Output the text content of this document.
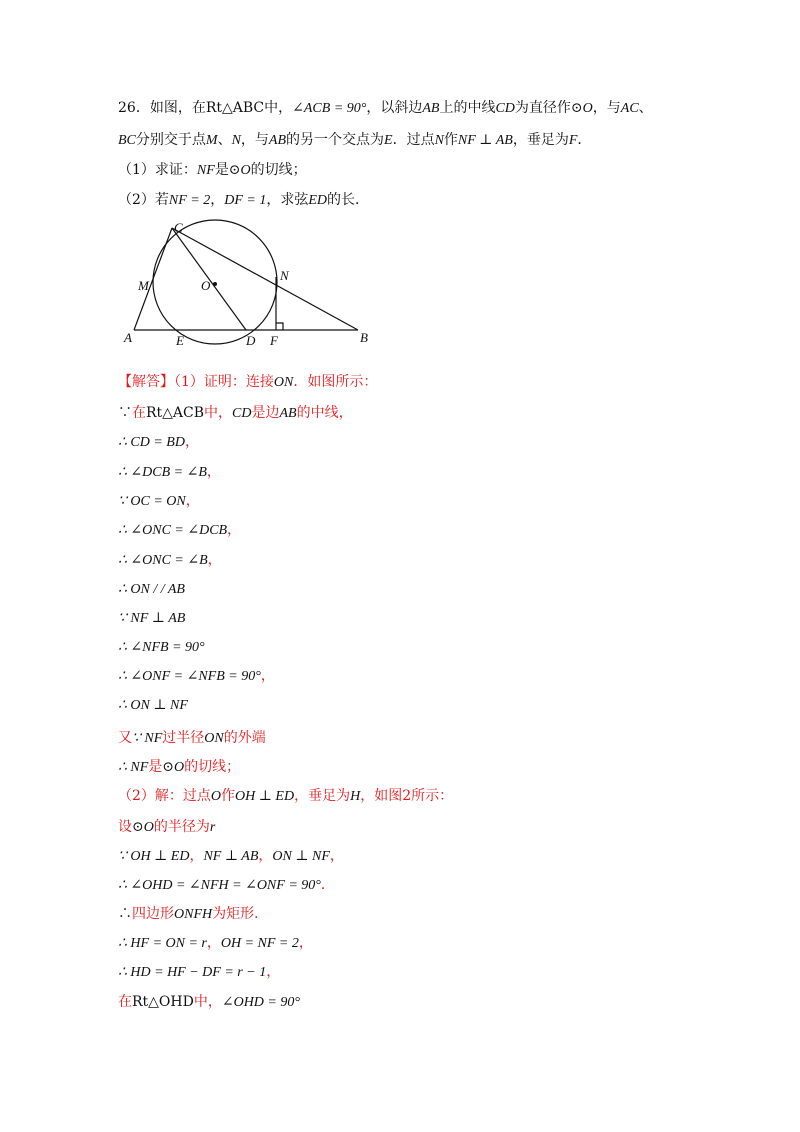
26．如图，在Rt△ABC中，∠ACB = 90°，以斜边AB上的中线CD为直径作⊙O，与AC、
BC分别交于点M、N，与AB的另一个交点为E．过点N作NF ⊥ AB，垂足为F．
（1）求证：NF是⊙O的切线；
（2）若NF = 2，DF = 1，求弦ED的长．
C
M	O
N
A	E	D F	B
【解答】（1）证明：连接ON．如图所示：
∵在Rt△ACB中，CD是边AB的中线，
∴ CD = BD，
∴ ∠DCB = ∠B，
∵ OC = ON，
∴ ∠ONC = ∠DCB，
∴ ∠ONC = ∠B，
∴ ON / / AB
∵ NF ⊥ AB
∴ ∠NFB = 90°
∴ ∠ONF = ∠NFB = 90°，
∴ ON ⊥ NF
又∵ NF过半径ON的外端
∴ NF是⊙O的切线；
（2）解：过点O作OH ⊥ ED，垂足为H，如图2所示：
设⊙O的半径为r
∵ OH ⊥ ED，NF ⊥ AB，ON ⊥ NF，
∴ ∠OHD = ∠NFH = ∠ONF = 90°．
∴四边形ONFH为矩形．
∴ HF = ON = r，OH = NF = 2，
∴ HD = HF − DF = r − 1，
在Rt△OHD中，∠OHD = 90°
